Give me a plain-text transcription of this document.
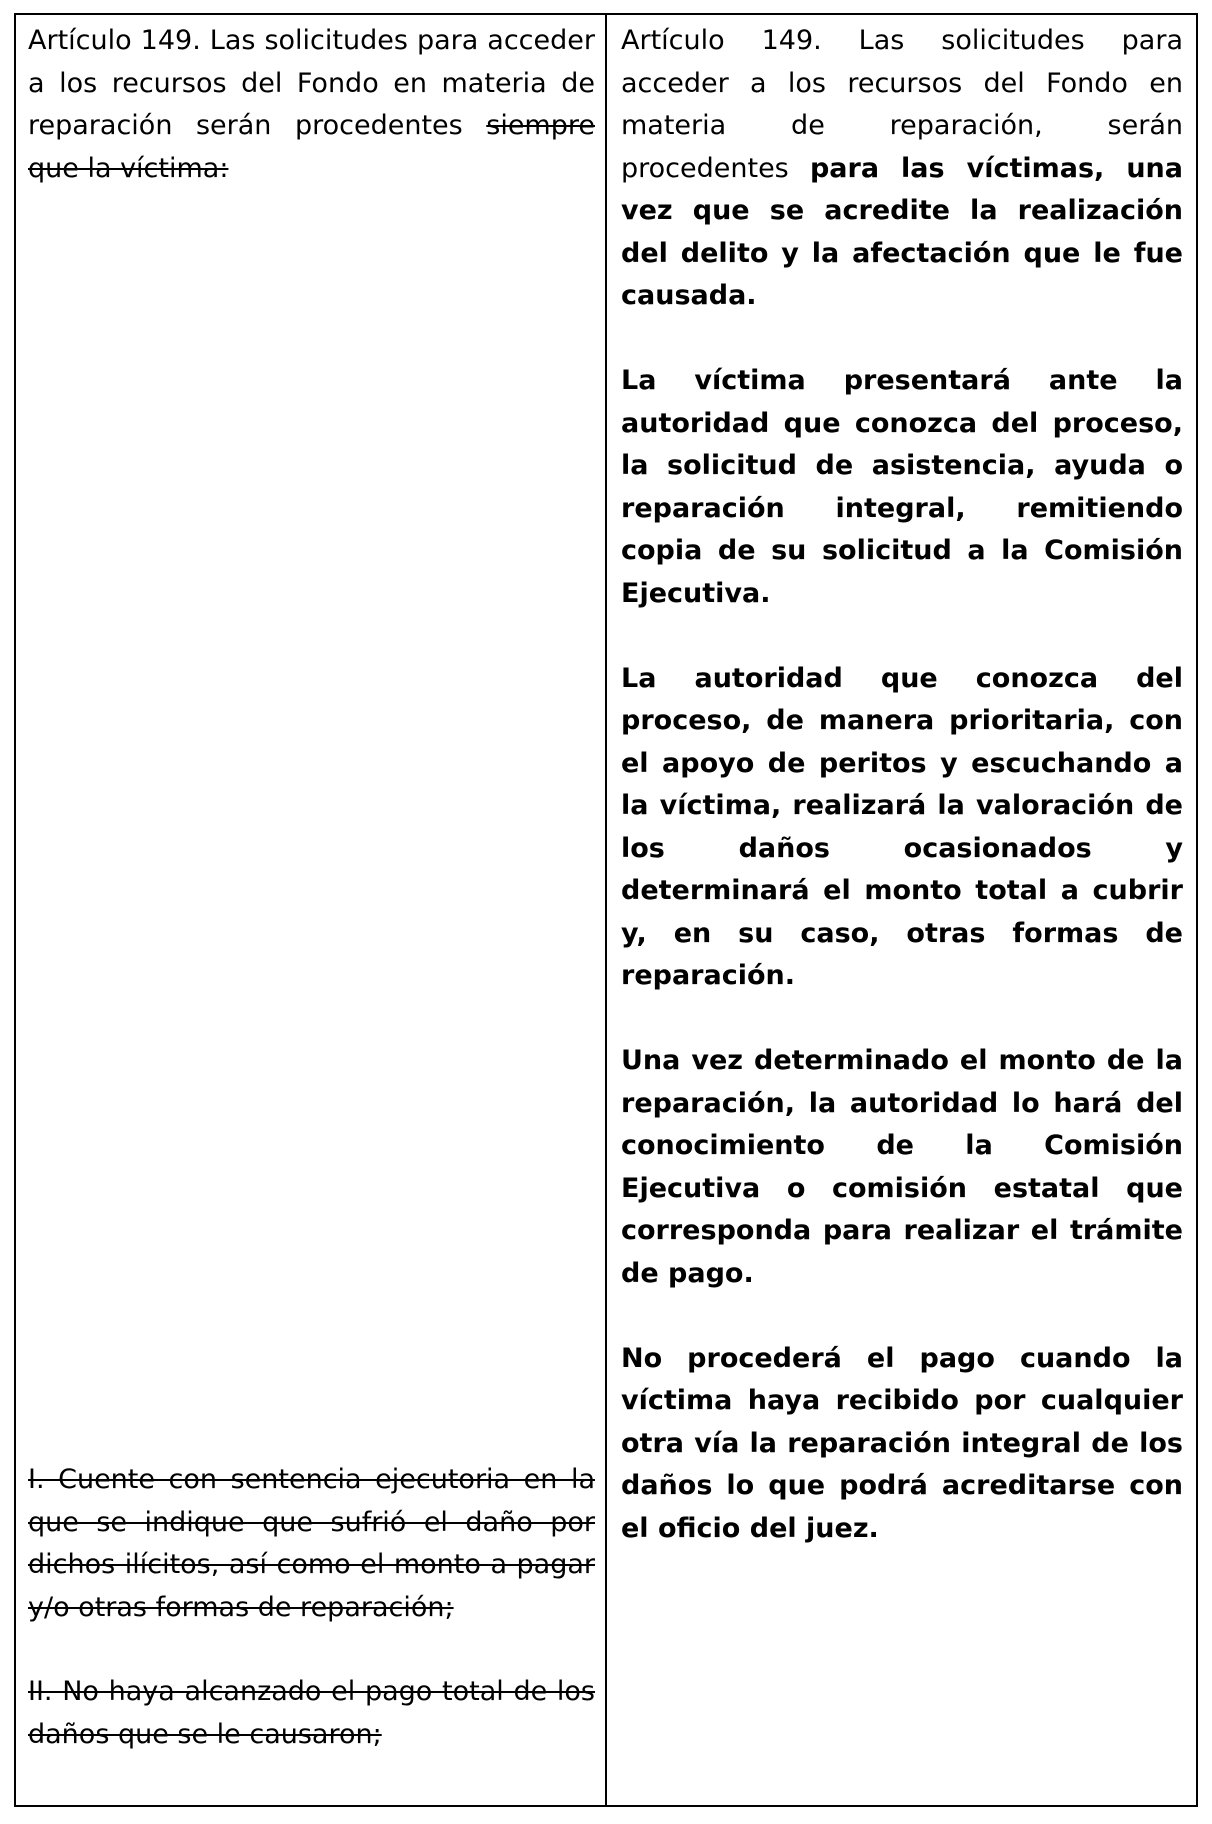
Artículo 149. Las solicitudes para acceder a los recursos del Fondo en materia de reparación serán procedentes siempre que la víctima:

I. Cuente con sentencia ejecutoria en la que se indique que sufrió el daño por dichos ilícitos, así como el monto a pagar y/o otras formas de reparación;

II. No haya alcanzado el pago total de los daños que se le causaron;

Artículo 149. Las solicitudes para acceder a los recursos del Fondo en materia de reparación, serán procedentes para las víctimas, una vez que se acredite la realización del delito y la afectación que le fue causada.

La víctima presentará ante la autoridad que conozca del proceso, la solicitud de asistencia, ayuda o reparación integral, remitiendo copia de su solicitud a la Comisión Ejecutiva.

La autoridad que conozca del proceso, de manera prioritaria, con el apoyo de peritos y escuchando a la víctima, realizará la valoración de los daños ocasionados y determinará el monto total a cubrir y, en su caso, otras formas de reparación.

Una vez determinado el monto de la reparación, la autoridad lo hará del conocimiento de la Comisión Ejecutiva o comisión estatal que corresponda para realizar el trámite de pago.

No procederá el pago cuando la víctima haya recibido por cualquier otra vía la reparación integral de los daños lo que podrá acreditarse con el oficio del juez.
